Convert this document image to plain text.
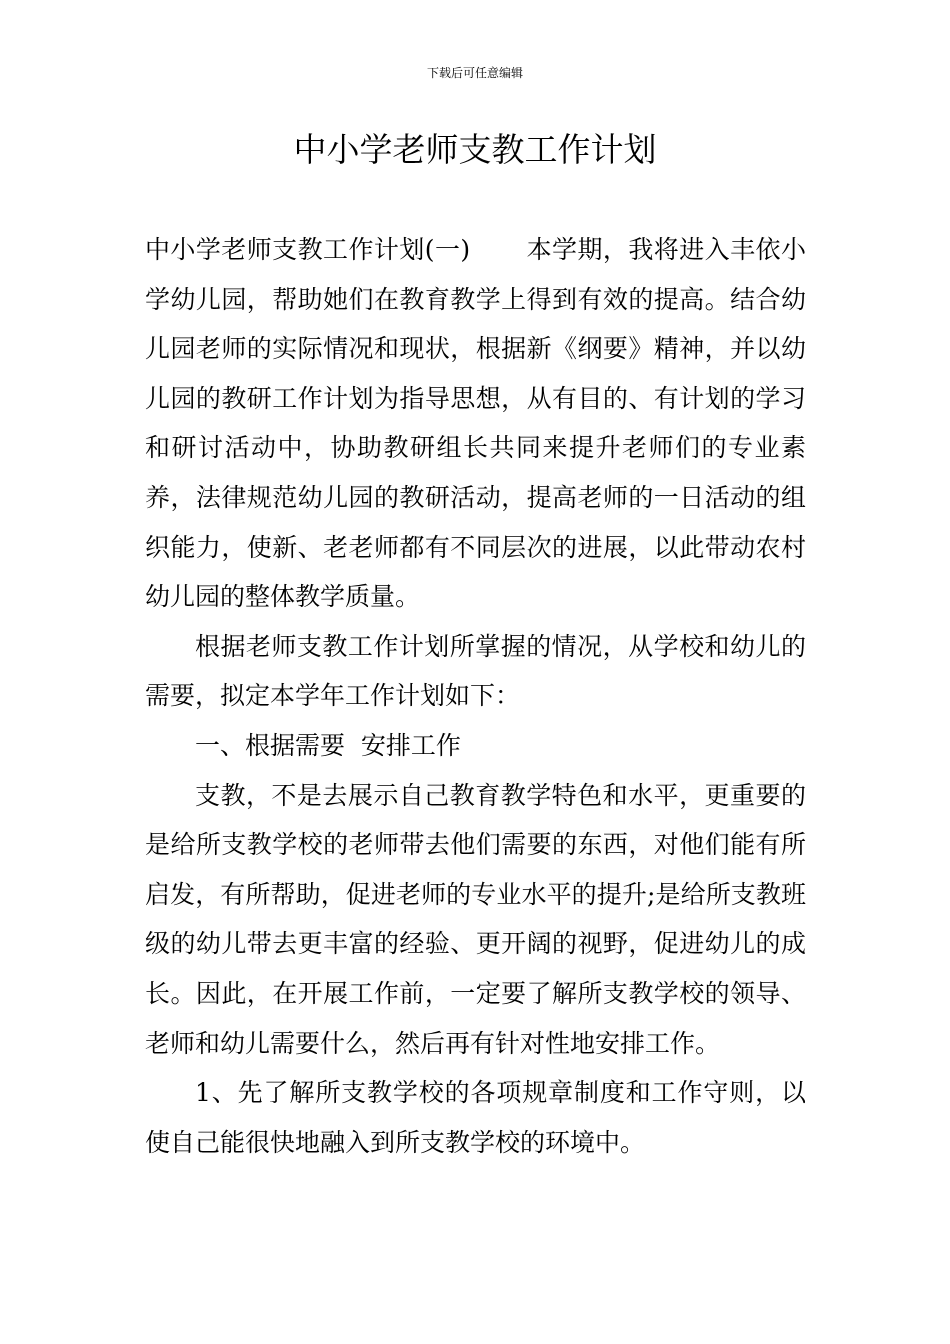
下载后可任意编辑
中小学老师支教工作计划

中小学老师支教工作计划(一) 本学期，我将进入丰依小学幼儿园，帮助她们在教育教学上得到有效的提高。结合幼儿园老师的实际情况和现状，根据新《纲要》精神，并以幼儿园的教研工作计划为指导思想，从有目的、有计划的学习和研讨活动中，协助教研组长共同来提升老师们的专业素养，法律规范幼儿园的教研活动，提高老师的一日活动的组织能力，使新、老老师都有不同层次的进展，以此带动农村幼儿园的整体教学质量。

根据老师支教工作计划所掌握的情况，从学校和幼儿的需要，拟定本学年工作计划如下：

一、根据需要  安排工作

支教，不是去展示自己教育教学特色和水平，更重要的是给所支教学校的老师带去他们需要的东西，对他们能有所启发，有所帮助，促进老师的专业水平的提升;是给所支教班级的幼儿带去更丰富的经验、更开阔的视野，促进幼儿的成长。因此，在开展工作前，一定要了解所支教学校的领导、老师和幼儿需要什么，然后再有针对性地安排工作。

1、先了解所支教学校的各项规章制度和工作守则，以使自己能很快地融入到所支教学校的环境中。
